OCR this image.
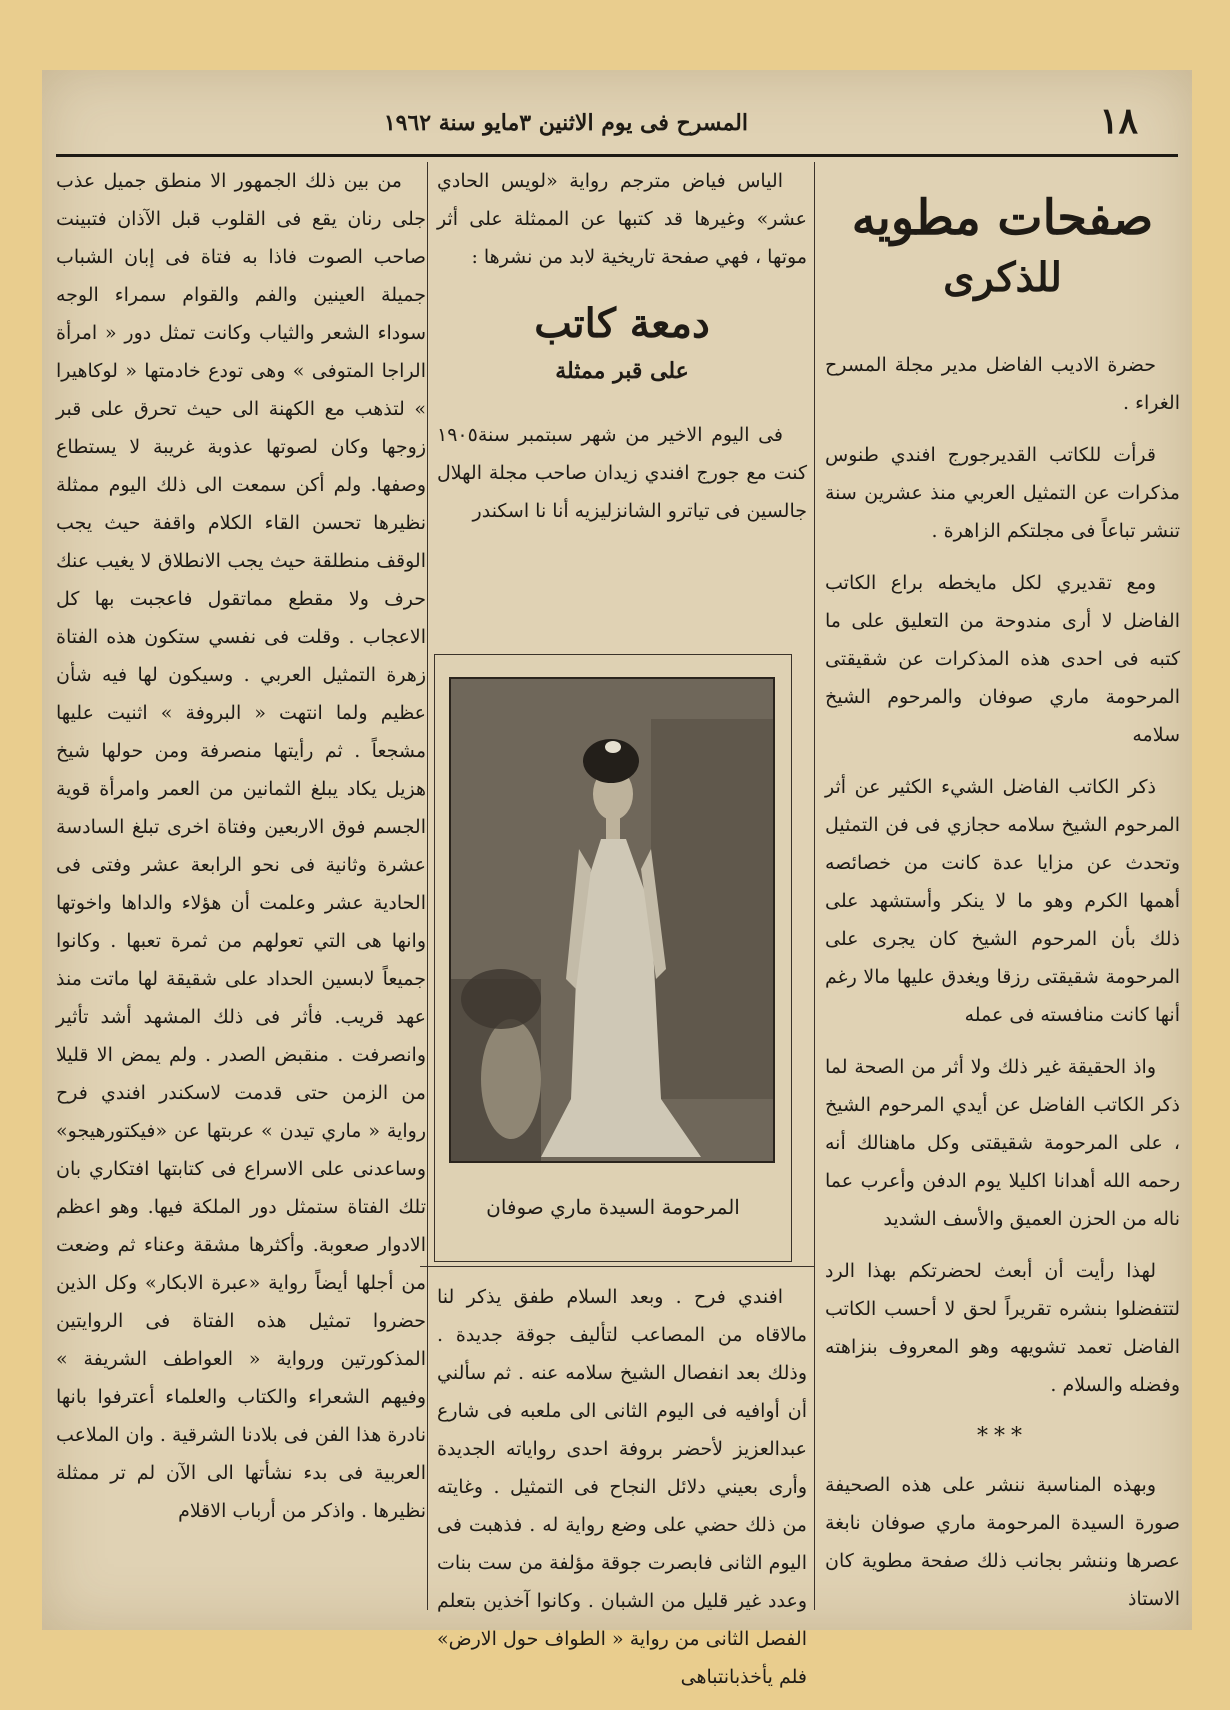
١٨
المسرح فى يوم الاثنين ٣مايو سنة ١٩٦٢
صفحات مطويه
للذكرى

حضرة الاديب الفاضل مدير مجلة المسرح الغراء .

قرأت للكاتب القديرجورج افندي طنوس مذكرات عن التمثيل العربي منذ عشرين سنة تنشر تباعاً فى مجلتكم الزاهرة .

ومع تقديري لكل مايخطه براع الكاتب الفاضل لا أرى مندوحة من التعليق على ما كتبه فى احدى هذه المذكرات عن شقيقتى المرحومة ماري صوفان والمرحوم الشيخ سلامه

ذكر الكاتب الفاضل الشيء الكثير عن أثر المرحوم الشيخ سلامه حجازي فى فن التمثيل وتحدث عن مزايا عدة كانت من خصائصه أهمها الكرم وهو ما لا ينكر وأستشهد على ذلك بأن المرحوم الشيخ كان يجرى على المرحومة شقيقتى رزقا ويغدق عليها مالا رغم أنها كانت منافسته فى عمله

واذ الحقيقة غير ذلك ولا أثر من الصحة لما ذكر الكاتب الفاضل عن أيدي المرحوم الشيخ ، على المرحومة شقيقتى وكل ماهنالك أنه رحمه الله أهدانا اكليلا يوم الدفن وأعرب عما ناله من الحزن العميق والأسف الشديد

لهذا رأيت أن أبعث لحضرتكم بهذا الرد لتتفضلوا بنشره تقريراً لحق لا أحسب الكاتب الفاضل تعمد تشويهه وهو المعروف بنزاهته وفضله والسلام .

***

وبهذه المناسبة ننشر على هذه الصحيفة صورة السيدة المرحومة ماري صوفان نابغة عصرها وننشر بجانب ذلك صفحة مطوية كان الاستاذ

الياس فياض مترجم رواية «لويس الحادي عشر» وغيرها قد كتبها عن الممثلة على أثر موتها ، فهي صفحة تاريخية لابد من نشرها :

دمعة كاتب
على قبر ممثلة

فى اليوم الاخير من شهر سبتمبر سنة١٩٠٥ كنت مع جورج افندي زيدان صاحب مجلة الهلال جالسين فى تياترو الشانزليزيه أنا نا اسكندر

المرحومة السيدة ماري صوفان

افندي فرح . وبعد السلام طفق يذكر لنا مالاقاه من المصاعب لتأليف جوقة جديدة . وذلك بعد انفصال الشيخ سلامه عنه . ثم سألني أن أوافيه فى اليوم الثانى الى ملعبه فى شارع عبدالعزيز لأحضر بروفة احدى رواياته الجديدة وأرى بعيني دلائل النجاح فى التمثيل . وغايته من ذلك حضي على وضع رواية له . فذهبت فى اليوم الثانى فابصرت جوقة مؤلفة من ست بنات وعدد غير قليل من الشبان . وكانوا آخذين بتعلم الفصل الثانى من رواية « الطواف حول الارض» فلم يأخذبانتباهى

من بين ذلك الجمهور الا منطق جميل عذب جلى رنان يقع فى القلوب قبل الآذان فتبينت صاحب الصوت فاذا به فتاة فى إبان الشباب جميلة العينين والفم والقوام سمراء الوجه سوداء الشعر والثياب وكانت تمثل دور « امرأة الراجا المتوفى » وهى تودع خادمتها « لوكاهيرا » لتذهب مع الكهنة الى حيث تحرق على قبر زوجها وكان لصوتها عذوبة غريبة لا يستطاع وصفها. ولم أكن سمعت الى ذلك اليوم ممثلة نظيرها تحسن القاء الكلام واقفة حيث يجب الوقف منطلقة حيث يجب الانطلاق لا يغيب عنك حرف ولا مقطع مماتقول فاعجبت بها كل الاعجاب . وقلت فى نفسي ستكون هذه الفتاة زهرة التمثيل العربي . وسيكون لها فيه شأن عظيم ولما انتهت « البروفة » اثنيت عليها مشجعاً . ثم رأيتها منصرفة ومن حولها شيخ هزيل يكاد يبلغ الثمانين من العمر وامرأة قوية الجسم فوق الاربعين وفتاة اخرى تبلغ السادسة عشرة وثانية فى نحو الرابعة عشر وفتى فى الحادية عشر وعلمت أن هؤلاء والداها واخوتها وانها هى التي تعولهم من ثمرة تعبها . وكانوا جميعاً لابسين الحداد على شقيقة لها ماتت منذ عهد قريب. فأثر فى ذلك المشهد أشد تأثير وانصرفت . منقبض الصدر . ولم يمض الا قليلا من الزمن حتى قدمت لاسكندر افندي فرح رواية « ماري تيدن » عربتها عن «فيكتورهيجو» وساعدنى على الاسراع فى كتابتها افتكاري بان تلك الفتاة ستمثل دور الملكة فيها. وهو اعظم الادوار صعوبة. وأكثرها مشقة وعناء ثم وضعت من أجلها أيضاً رواية «عبرة الابكار» وكل الذين حضروا تمثيل هذه الفتاة فى الروايتين المذكورتين ورواية « العواطف الشريفة » وفيهم الشعراء والكتاب والعلماء أعترفوا بانها نادرة هذا الفن فى بلادنا الشرقية . وان الملاعب العربية فى بدء نشأتها الى الآن لم تر ممثلة نظيرها . واذكر من أرباب الاقلام
